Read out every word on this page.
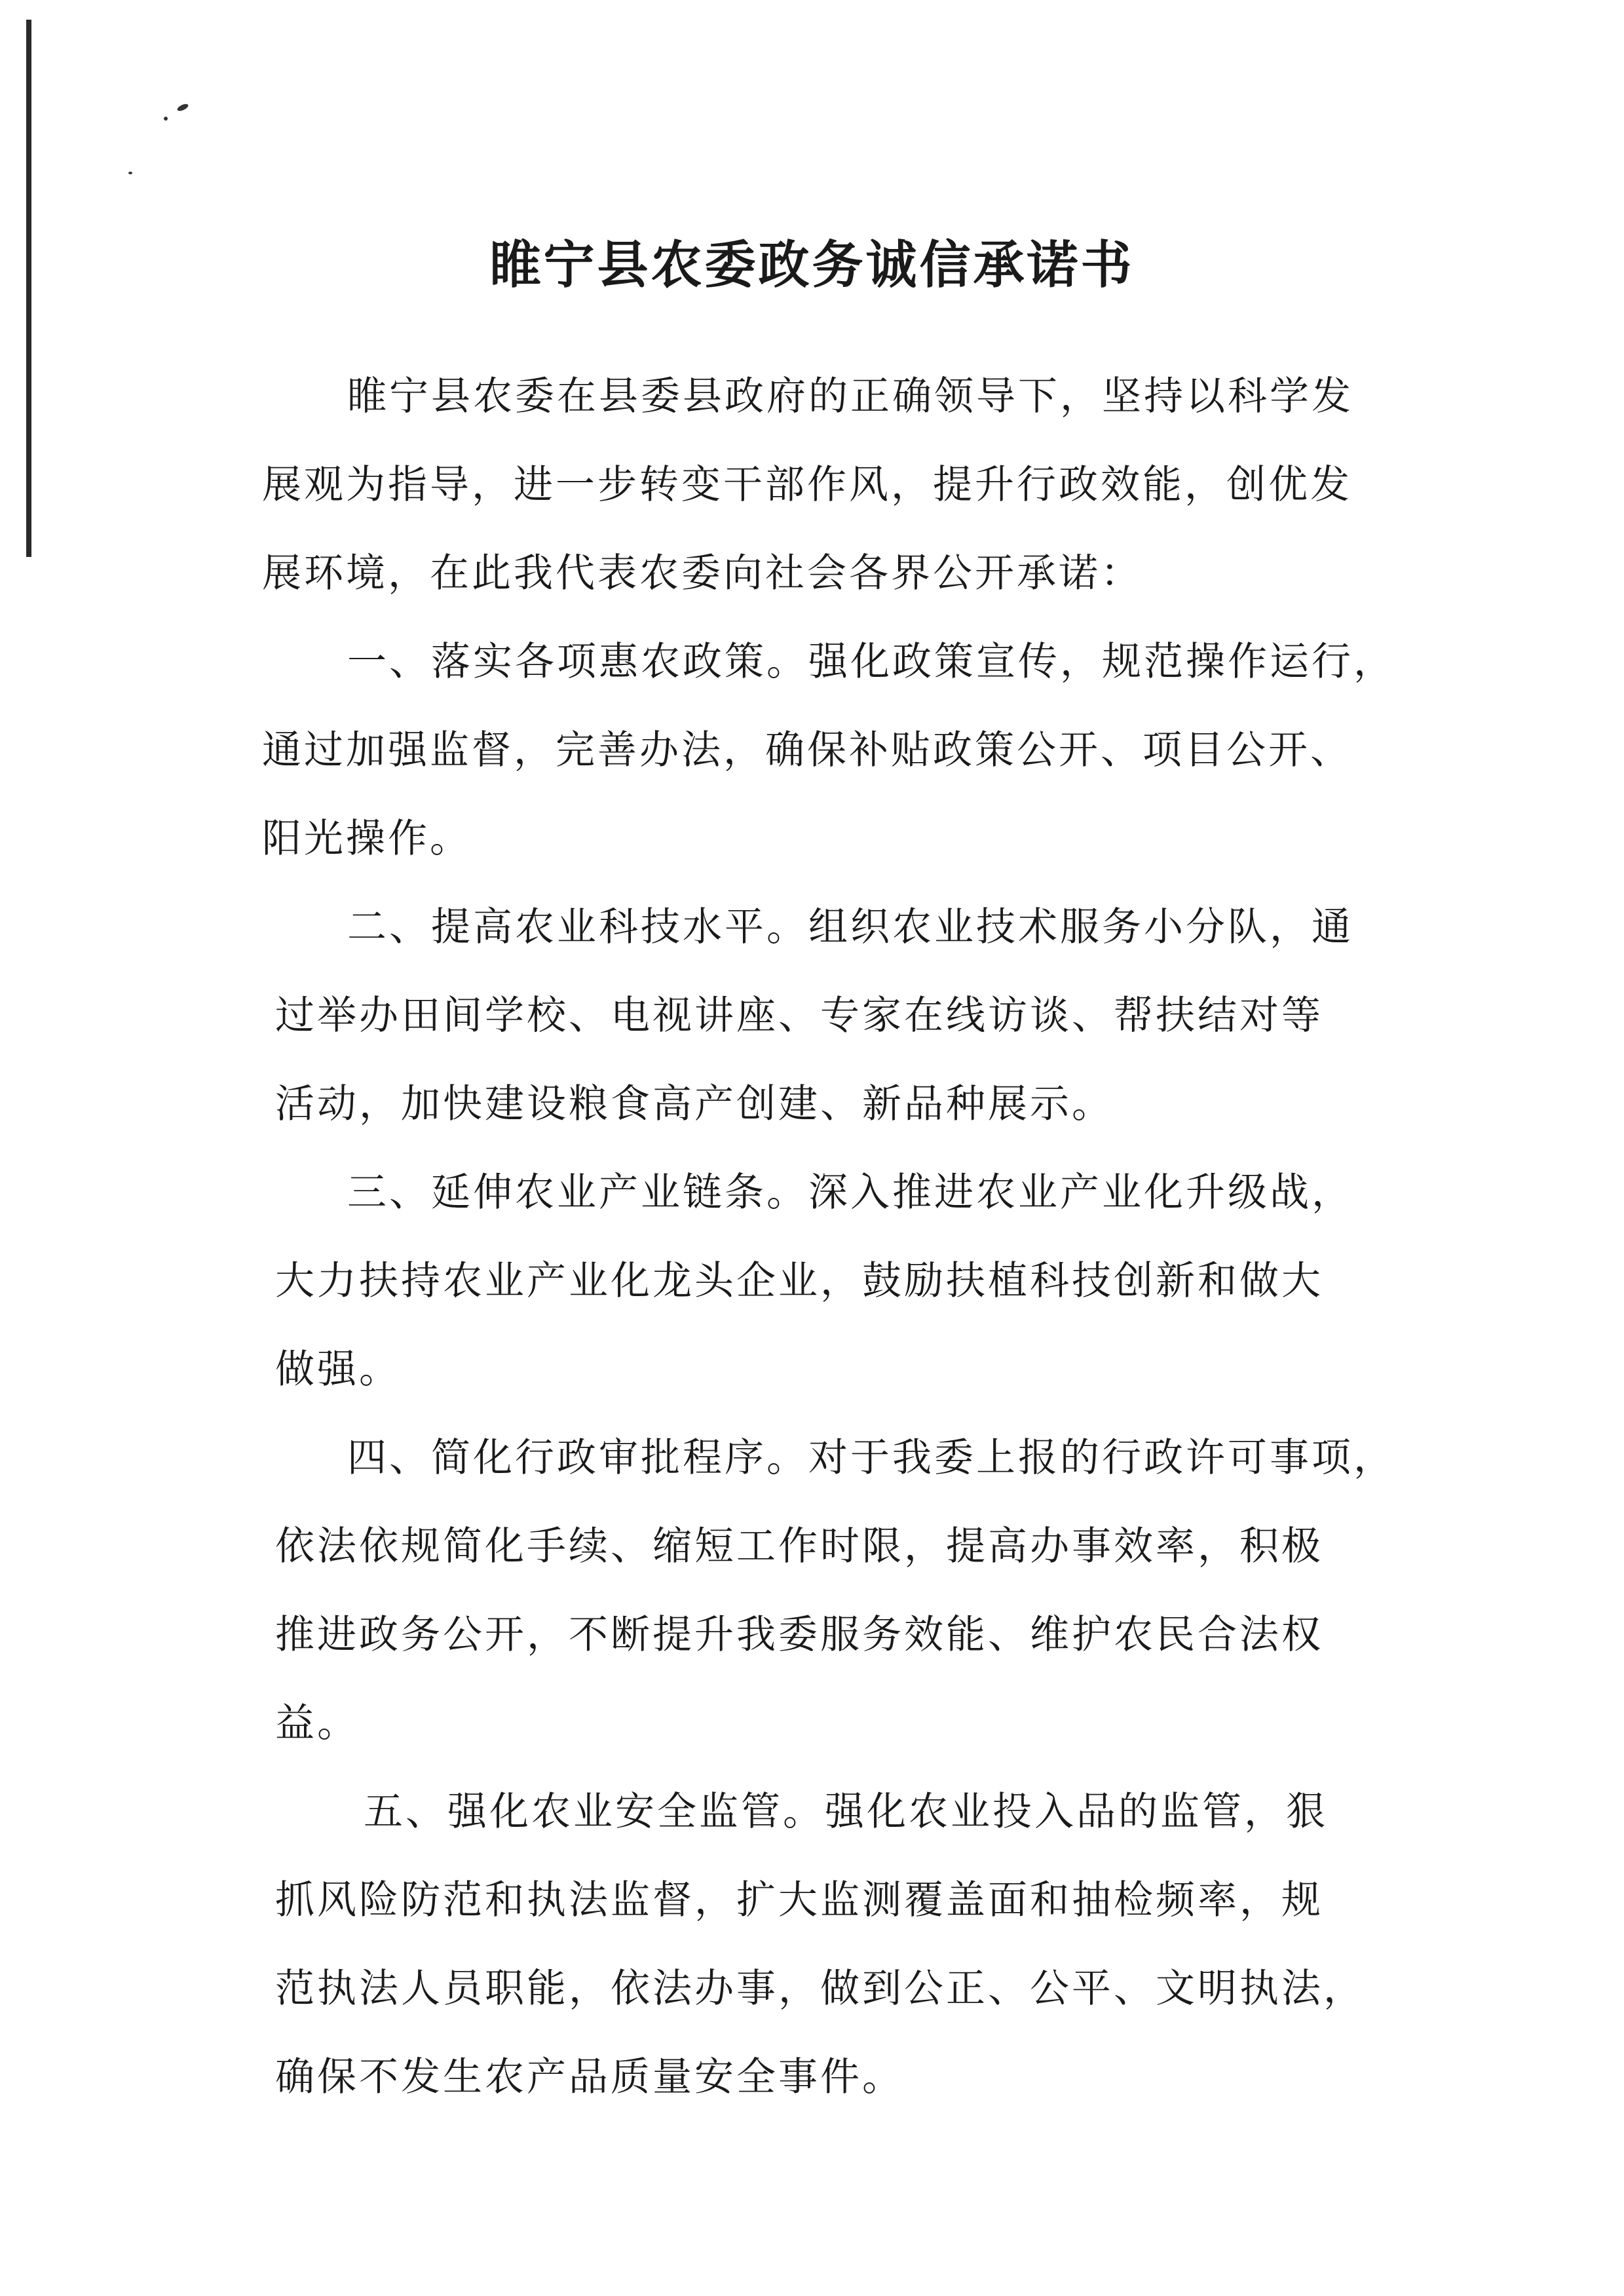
睢宁县农委政务诚信承诺书
睢宁县农委在县委县政府的正确领导下，坚持以科学发
展观为指导，进一步转变干部作风，提升行政效能，创优发
展环境，在此我代表农委向社会各界公开承诺：
一、落实各项惠农政策。强化政策宣传，规范操作运行，
通过加强监督，完善办法，确保补贴政策公开、项目公开、
阳光操作。
二、提高农业科技水平。组织农业技术服务小分队，通
过举办田间学校、电视讲座、专家在线访谈、帮扶结对等
活动，加快建设粮食高产创建、新品种展示。
三、延伸农业产业链条。深入推进农业产业化升级战，
大力扶持农业产业化龙头企业，鼓励扶植科技创新和做大
做强。
四、简化行政审批程序。对于我委上报的行政许可事项，
依法依规简化手续、缩短工作时限，提高办事效率，积极
推进政务公开，不断提升我委服务效能、维护农民合法权
益。
五、强化农业安全监管。强化农业投入品的监管，狠
抓风险防范和执法监督，扩大监测覆盖面和抽检频率，规
范执法人员职能，依法办事，做到公正、公平、文明执法，
确保不发生农产品质量安全事件。
